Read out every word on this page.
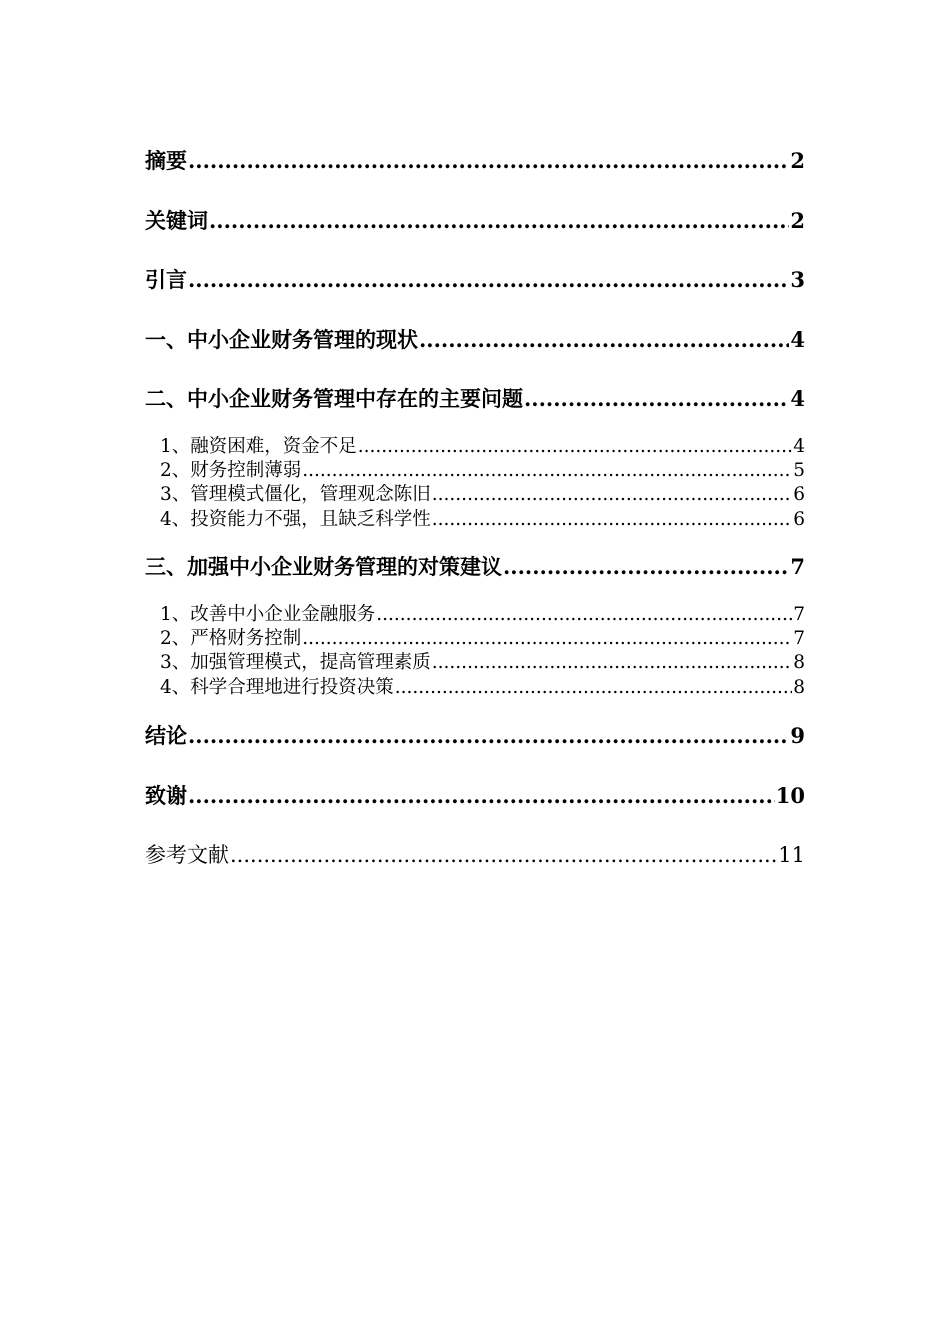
摘要 .....	2
关键词 .....	2
引言 .....	3
一、中小企业财务管理的现状 .....	4
二、中小企业财务管理中存在的主要问题 .....	4
1、融资困难，资金不足 .....	4
2、财务控制薄弱 .....	5
3、管理模式僵化，管理观念陈旧 .....	6
4、投资能力不强，且缺乏科学性 .....	6
三、加强中小企业财务管理的对策建议 .....	7
1、改善中小企业金融服务 .....	7
2、严格财务控制 .....	7
3、加强管理模式，提高管理素质 .....	8
4、科学合理地进行投资决策 .....	8
结论 .....	9
致谢 .....	10
参考文献 .....	11
